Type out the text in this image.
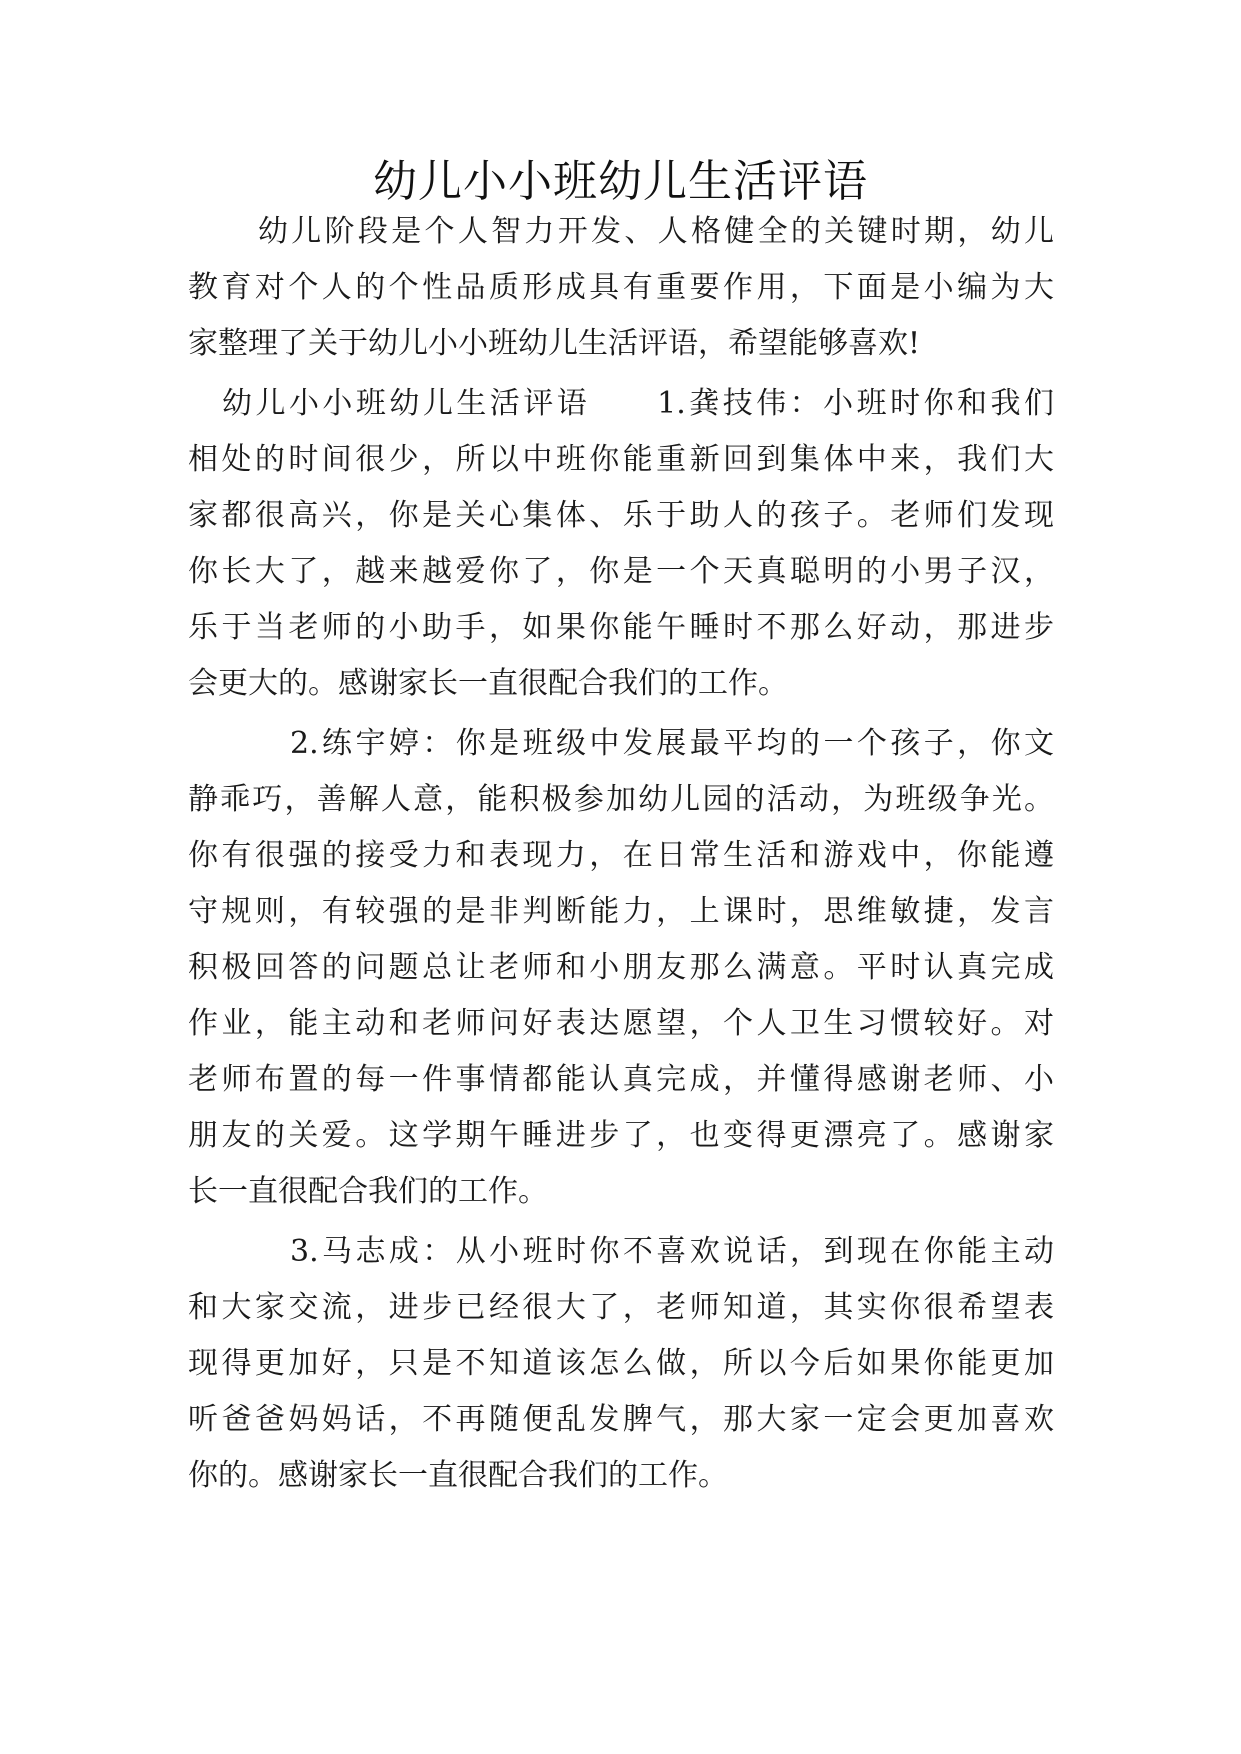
幼儿小小班幼儿生活评语
幼儿阶段是个人智力开发、人格健全的关键时期，幼儿
教育对个人的个性品质形成具有重要作用，下面是小编为大
家整理了关于幼儿小小班幼儿生活评语，希望能够喜欢!
幼儿小小班幼儿生活评语　　1.龚技伟：小班时你和我们
相处的时间很少，所以中班你能重新回到集体中来，我们大
家都很高兴，你是关心集体、乐于助人的孩子。老师们发现
你长大了，越来越爱你了，你是一个天真聪明的小男子汉，
乐于当老师的小助手，如果你能午睡时不那么好动，那进步
会更大的。感谢家长一直很配合我们的工作。
2.练宇婷：你是班级中发展最平均的一个孩子，你文
静乖巧，善解人意，能积极参加幼儿园的活动，为班级争光。
你有很强的接受力和表现力，在日常生活和游戏中，你能遵
守规则，有较强的是非判断能力，上课时，思维敏捷，发言
积极回答的问题总让老师和小朋友那么满意。平时认真完成
作业，能主动和老师问好表达愿望，个人卫生习惯较好。对
老师布置的每一件事情都能认真完成，并懂得感谢老师、小
朋友的关爱。这学期午睡进步了，也变得更漂亮了。感谢家
长一直很配合我们的工作。
3.马志成：从小班时你不喜欢说话，到现在你能主动
和大家交流，进步已经很大了，老师知道，其实你很希望表
现得更加好，只是不知道该怎么做，所以今后如果你能更加
听爸爸妈妈话，不再随便乱发脾气，那大家一定会更加喜欢
你的。感谢家长一直很配合我们的工作。
